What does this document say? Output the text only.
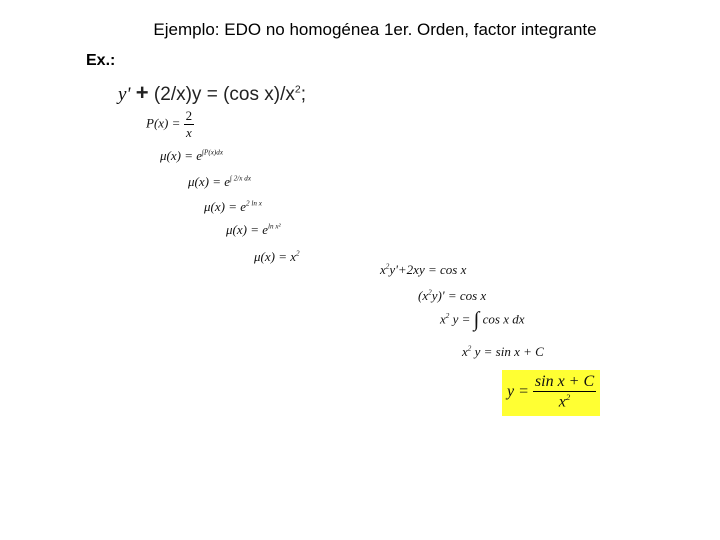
Ejemplo: EDO no homogénea 1er. Orden, factor integrante
Ex.:
y' + (2/x)y = (cos $x)/x^2$;
$P(x) = \frac{2}{x}$
$\mu(x) = e^{\int P(x)dx}$
$\mu(x) = e^{\int 2/x dx}$
$\mu(x) = e^{2 ln x}$
$\mu(x) = e^{ln x^2}$
$\mu(x) = x^2$
$x^2y'+2xy = \cos x$
$(x^2y)' = \cos x$
$x^2$ y = ∫ cos x dx
$x^2$ y = sin x + C
$y = \frac{\text{sin x + C}}{x^2}$
